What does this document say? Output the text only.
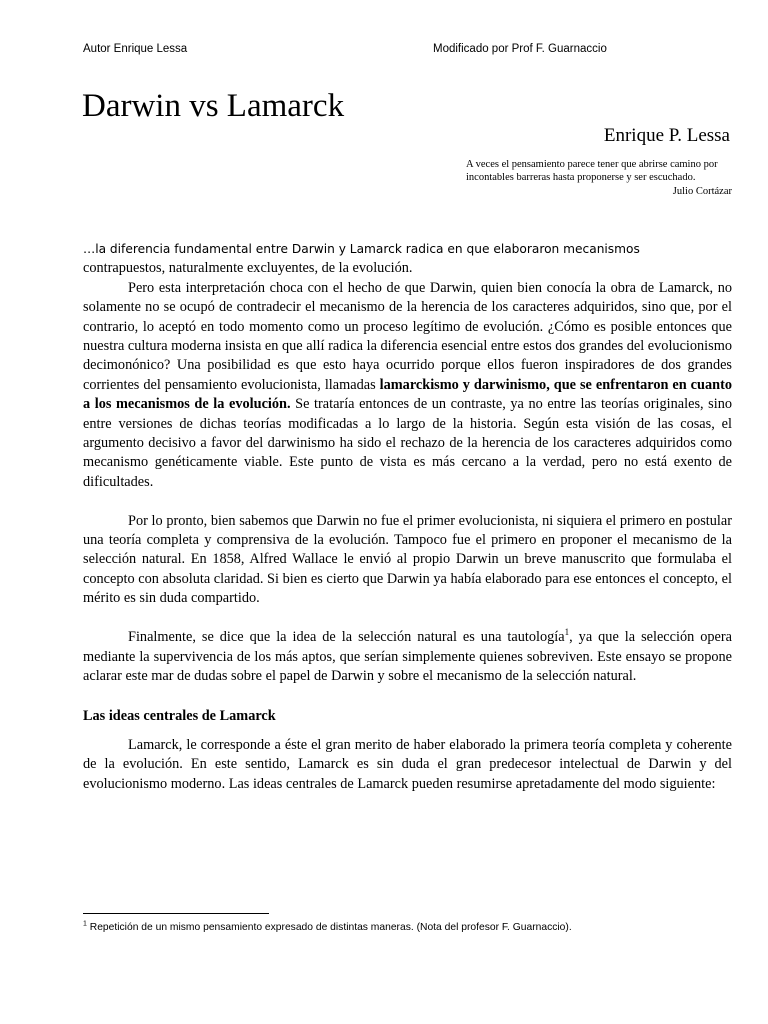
Autor Enrique Lessa	Modificado por Prof F. Guarnaccio
Darwin vs Lamarck
Enrique P. Lessa
A veces el pensamiento parece tener que abrirse camino por incontables barreras hasta proponerse y ser escuchado.
Julio Cortázar

…la diferencia fundamental entre Darwin y Lamarck radica en que elaboraron mecanismos
contrapuestos, naturalmente excluyentes, de la evolución.

Pero esta interpretación choca con el hecho de que Darwin, quien bien conocía la obra de Lamarck, no solamente no se ocupó de contradecir el mecanismo de la herencia de los caracteres adquiridos, sino que, por el contrario, lo aceptó en todo momento como un proceso legítimo de evolución. ¿Cómo es posible entonces que nuestra cultura moderna insista en que allí radica la diferencia esencial entre estos dos grandes del evolucionismo decimonónico? Una posibilidad es que esto haya ocurrido porque ellos fueron inspiradores de dos grandes corrientes del pensamiento evolucionista, llamadas lamarckismo y darwinismo, que se enfrentaron en cuanto a los mecanismos de la evolución. Se trataría entonces de un contraste, ya no entre las teorías originales, sino entre versiones de dichas teorías modificadas a lo largo de la historia. Según esta visión de las cosas, el argumento decisivo a favor del darwinismo ha sido el rechazo de la herencia de los caracteres adquiridos como mecanismo genéticamente viable. Este punto de vista es más cercano a la verdad, pero no está exento de dificultades.

Por lo pronto, bien sabemos que Darwin no fue el primer evolucionista, ni siquiera el primero en postular una teoría completa y comprensiva de la evolución. Tampoco fue el primero en proponer el mecanismo de la selección natural. En 1858, Alfred Wallace le envió al propio Darwin un breve manuscrito que formulaba el concepto con absoluta claridad. Si bien es cierto que Darwin ya había elaborado para ese entonces el concepto, el mérito es sin duda compartido.

Finalmente, se dice que la idea de la selección natural es una tautología$^1$, ya que la selección opera mediante la supervivencia de los más aptos, que serían simplemente quienes sobreviven. Este ensayo se propone aclarar este mar de dudas sobre el papel de Darwin y sobre el mecanismo de la selección natural.

Las ideas centrales de Lamarck

Lamarck, le corresponde a éste el gran merito de haber elaborado la primera teoría completa y coherente de la evolución. En este sentido, Lamarck es sin duda el gran predecesor intelectual de Darwin y del evolucionismo moderno. Las ideas centrales de Lamarck pueden resumirse apretadamente del modo siguiente:

$^1$ Repetición de un mismo pensamiento expresado de distintas maneras. (Nota del profesor F. Guarnaccio).
